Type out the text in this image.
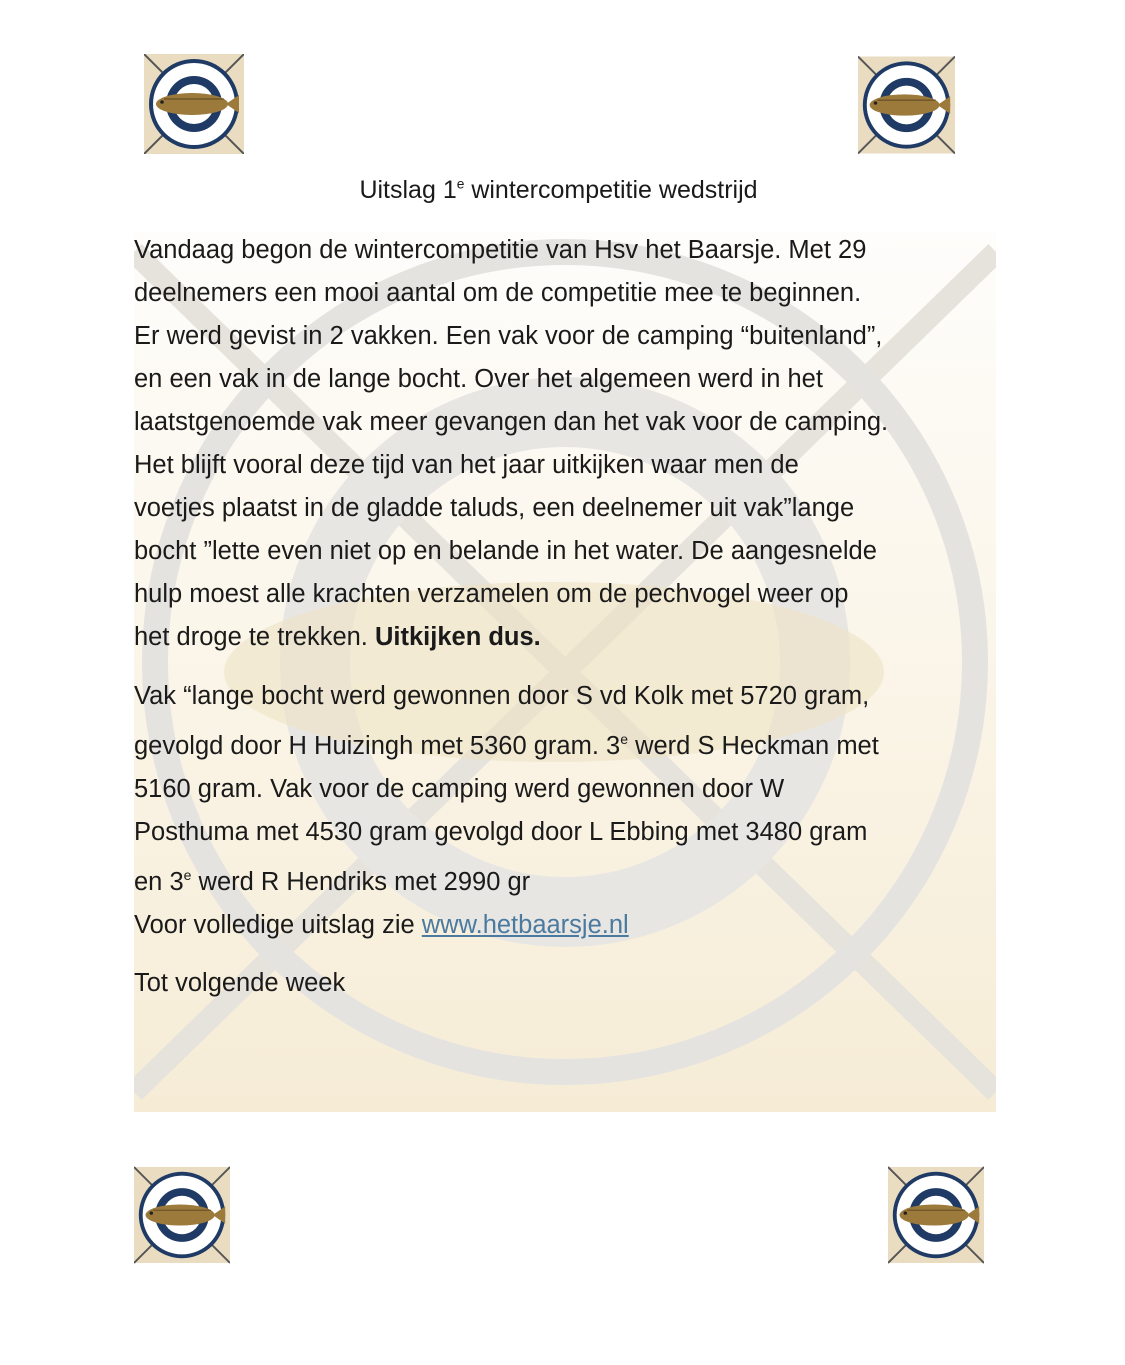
Uitslag 1e wintercompetitie wedstrijd
Vandaag begon de wintercompetitie van Hsv het Baarsje. Met 29
deelnemers een mooi aantal om de competitie mee te beginnen.
Er werd gevist in 2 vakken. Een vak voor de camping “buitenland”,
en een vak in de lange bocht. Over het algemeen werd in het
laatstgenoemde vak meer gevangen dan het vak voor de camping.
Het blijft vooral deze tijd van het jaar uitkijken waar men de
voetjes plaatst in de gladde taluds, een deelnemer uit vak”lange
bocht ”lette even niet op en belande in het water. De aangesnelde
hulp moest alle krachten verzamelen om de pechvogel weer op
het droge te trekken. Uitkijken dus.
Vak “lange bocht werd gewonnen door S vd Kolk met 5720 gram,
gevolgd door H Huizingh met 5360 gram. 3e werd S Heckman met
5160 gram. Vak voor de camping werd gewonnen door W
Posthuma met 4530 gram gevolgd door L Ebbing met 3480 gram
en 3e werd R Hendriks met 2990 gr
Voor volledige uitslag zie www.hetbaarsje.nl
Tot volgende week
